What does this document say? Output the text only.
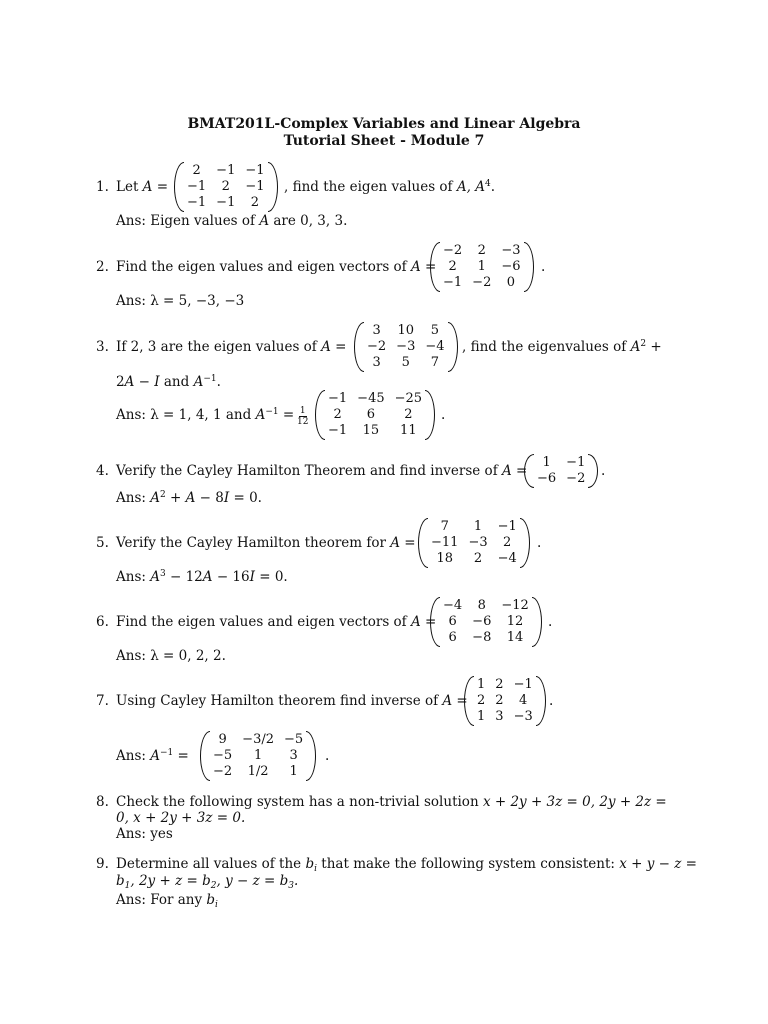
BMAT201L-Complex Variables and Linear Algebra
Tutorial Sheet - Module 7
1. Let A =
2	−1 −1
−1	2	−1
−1 −1	2
, find the eigen values of A, $A^4$.
Ans: Eigen values of A are 0, 3, 3.
2. Find the eigen values and eigen vectors of A =
−2	2	−3
2	1	−6
−1 −2	0
.
Ans: λ = 5, −3, −3
3. If 2, 3 are the eigen values of A =
3	10	5
−2 −3 −4
3	5	7
, find the eigenvalues of $A^2$ +
2A − I and $A^{-1}$.
Ans: λ = 1, 4, 1 and $A^{-1} = \frac{1}{12}$
−1 −45 −25
2	6	2
−1	15	11
.
4. Verify the Cayley Hamilton Theorem and find inverse of A =
1	−1
−6 −2 .
Ans: $A^2 + A - 8I = 0$.
5. Verify the Cayley Hamilton theorem for A =
7	1	−1
−11 −3	2
18	2	−4
.
Ans: $A^3 - 12A - 16I = 0$.
6. Find the eigen values and eigen vectors of A =
−4	8	−12
6	−6	12
6	−8	14
.
Ans: λ = 0, 2, 2.
7. Using Cayley Hamilton theorem find inverse of A =
1 2 −1
2 2	4
1 3 −3
.
Ans: $A^{-1}$ =
9	−3/2 −5
−5	1	3
−2	1/2	1
.
8. Check the following system has a non-trivial solution x + 2y + 3z = 0, 2y + 2z =
0, x + 2y + 3z = 0.
Ans: yes
9. Determine all values of the $b_i$ that make the following system consistent: x + y − z =
$b_1$, $2y + z = b_2$, $y - z = b_3$.
Ans: For any $b_i$
